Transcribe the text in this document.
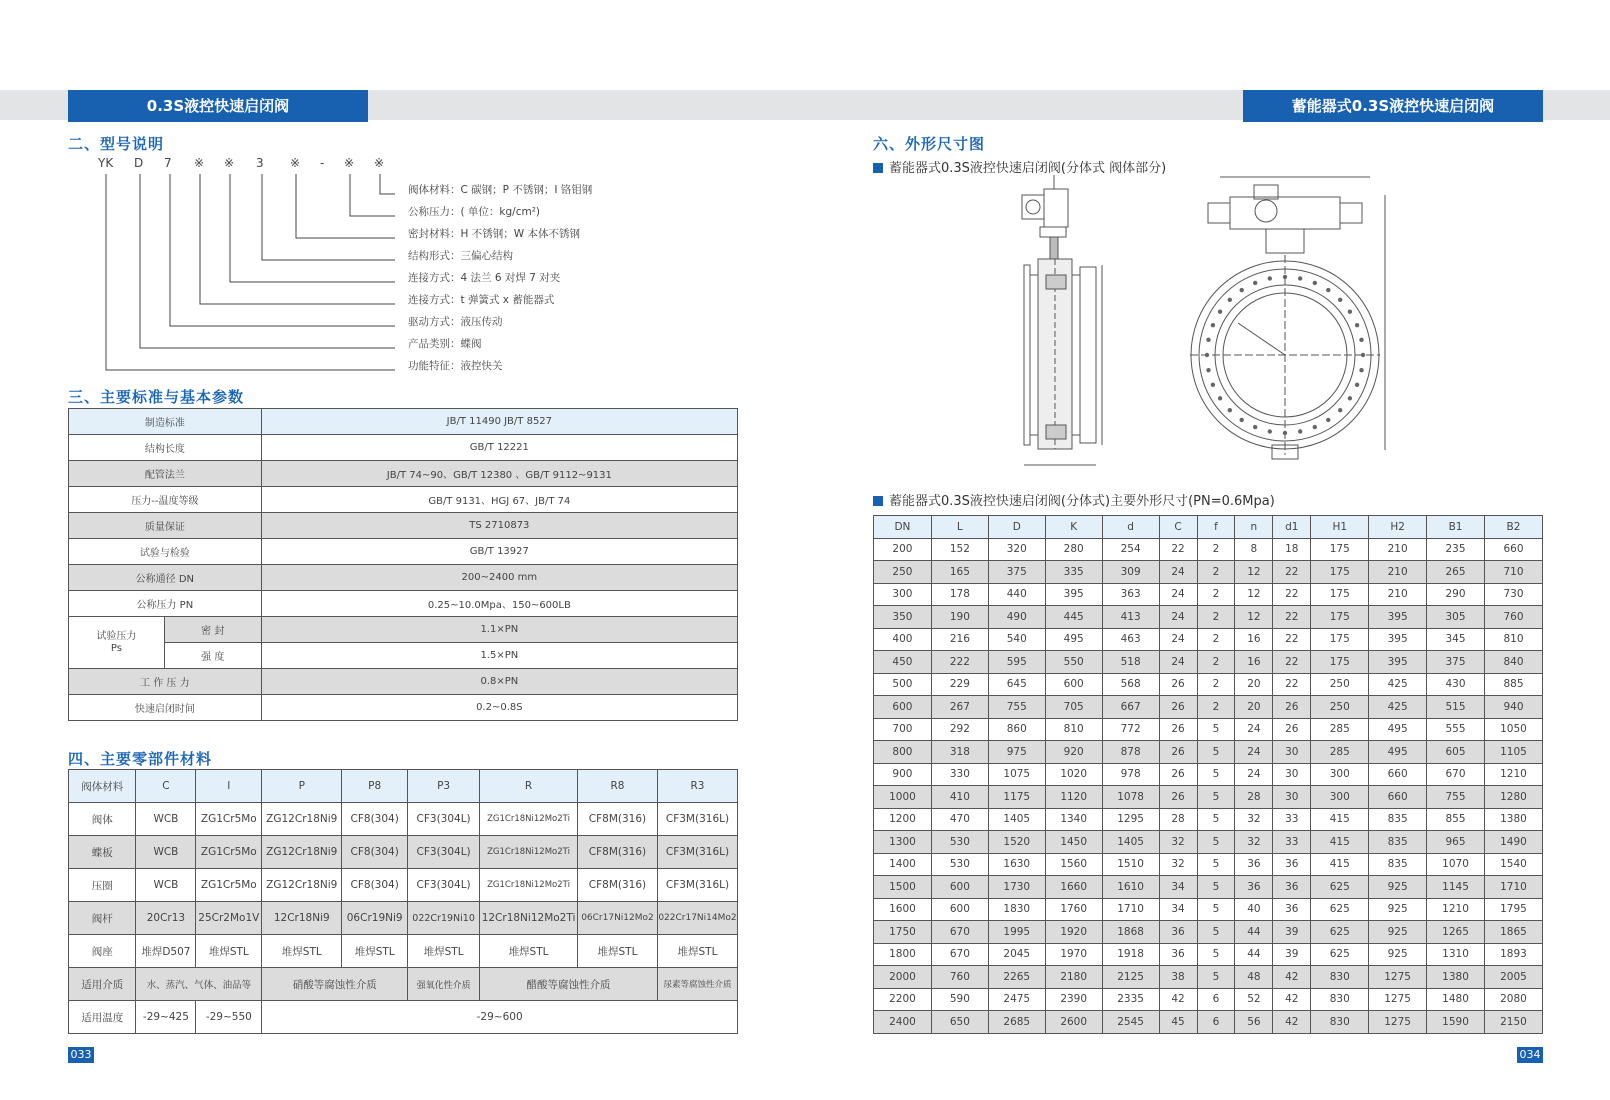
0.3S液控快速启闭阀	蓄能器式0.3S液控快速启闭阀
二、型号说明
YK D 7 ※ ※ 3 ※ - ※ ※
阀体材料：C 碳钢；P 不锈钢；I 铬钼钢
公称压力：( 单位：kg/cm²)
密封材料：H 不锈钢；W 本体不锈钢
结构形式：三偏心结构
连接方式：4 法兰 6 对焊 7 对夹
连接方式：t 弹簧式 x 蓄能器式
驱动方式：液压传动
产品类别：蝶阀
功能特征：液控快关
三、主要标准与基本参数
制造标准		JB/T 11490 JB/T 8527
结构长度		GB/T 12221
配管法兰		JB/T 74~90、GB/T 12380 、GB/T 9112~9131
压力--温度等级		GB/T 9131、HGJ 67、JB/T 74
质量保证		TS 2710873
试验与检验		GB/T 13927
公称通径 DN		200~2400 mm
公称压力 PN		0.25~10.0Mpa、150~600LB
试验压力
Ps	密 封	1.1×PN
	强 度	1.5×PN
工 作 压 力		0.8×PN
快速启闭时间		0.2~0.8S
四、主要零部件材料
阀体材料	C	I	P	P8	P3	R	R8	R3
阀体	WCB	ZG1Cr5Mo	ZG12Cr18Ni9	CF8(304)	CF3(304L)	ZG1Cr18Ni12Mo2Ti	CF8M(316)	CF3M(316L)
蝶板	WCB	ZG1Cr5Mo	ZG12Cr18Ni9	CF8(304)	CF3(304L)	ZG1Cr18Ni12Mo2Ti	CF8M(316)	CF3M(316L)
压圈	WCB	ZG1Cr5Mo	ZG12Cr18Ni9	CF8(304)	CF3(304L)	ZG1Cr18Ni12Mo2Ti	CF8M(316)	CF3M(316L)
阀杆	20Cr13	25Cr2Mo1V	12Cr18Ni9	06Cr19Ni9	022Cr19Ni10	12Cr18Ni12Mo2Ti	06Cr17Ni12Mo2	022Cr17Ni14Mo2
阀座	堆焊D507	堆焊STL	堆焊STL	堆焊STL	堆焊STL	堆焊STL	堆焊STL	堆焊STL
适用介质	水、蒸汽、气体、油品等		硝酸等腐蚀性介质		强氧化性介质	醋酸等腐蚀性介质		尿素等腐蚀性介质
适用温度	-29~425	-29~550	-29~600					
033
六、外形尺寸图
蓄能器式0.3S液控快速启闭阀(分体式 阀体部分)
蓄能器式0.3S液控快速启闭阀(分体式)主要外形尺寸(PN=0.6Mpa)
DN	L	D	K	d	C	f	n	d1	H1	H2	B1	B2
200	152	320	280	254	22	2	8	18	175	210	235	660
250	165	375	335	309	24	2	12	22	175	210	265	710
300	178	440	395	363	24	2	12	22	175	210	290	730
350	190	490	445	413	24	2	12	22	175	395	305	760
400	216	540	495	463	24	2	16	22	175	395	345	810
450	222	595	550	518	24	2	16	22	175	395	375	840
500	229	645	600	568	26	2	20	22	250	425	430	885
600	267	755	705	667	26	2	20	26	250	425	515	940
700	292	860	810	772	26	5	24	26	285	495	555	1050
800	318	975	920	878	26	5	24	30	285	495	605	1105
900	330	1075	1020	978	26	5	24	30	300	660	670	1210
1000	410	1175	1120	1078	26	5	28	30	300	660	755	1280
1200	470	1405	1340	1295	28	5	32	33	415	835	855	1380
1300	530	1520	1450	1405	32	5	32	33	415	835	965	1490
1400	530	1630	1560	1510	32	5	36	36	415	835	1070	1540
1500	600	1730	1660	1610	34	5	36	36	625	925	1145	1710
1600	600	1830	1760	1710	34	5	40	36	625	925	1210	1795
1750	670	1995	1920	1868	36	5	44	39	625	925	1265	1865
1800	670	2045	1970	1918	36	5	44	39	625	925	1310	1893
2000	760	2265	2180	2125	38	5	48	42	830	1275	1380	2005
2200	590	2475	2390	2335	42	6	52	42	830	1275	1480	2080
2400	650	2685	2600	2545	45	6	56	42	830	1275	1590	2150
034
